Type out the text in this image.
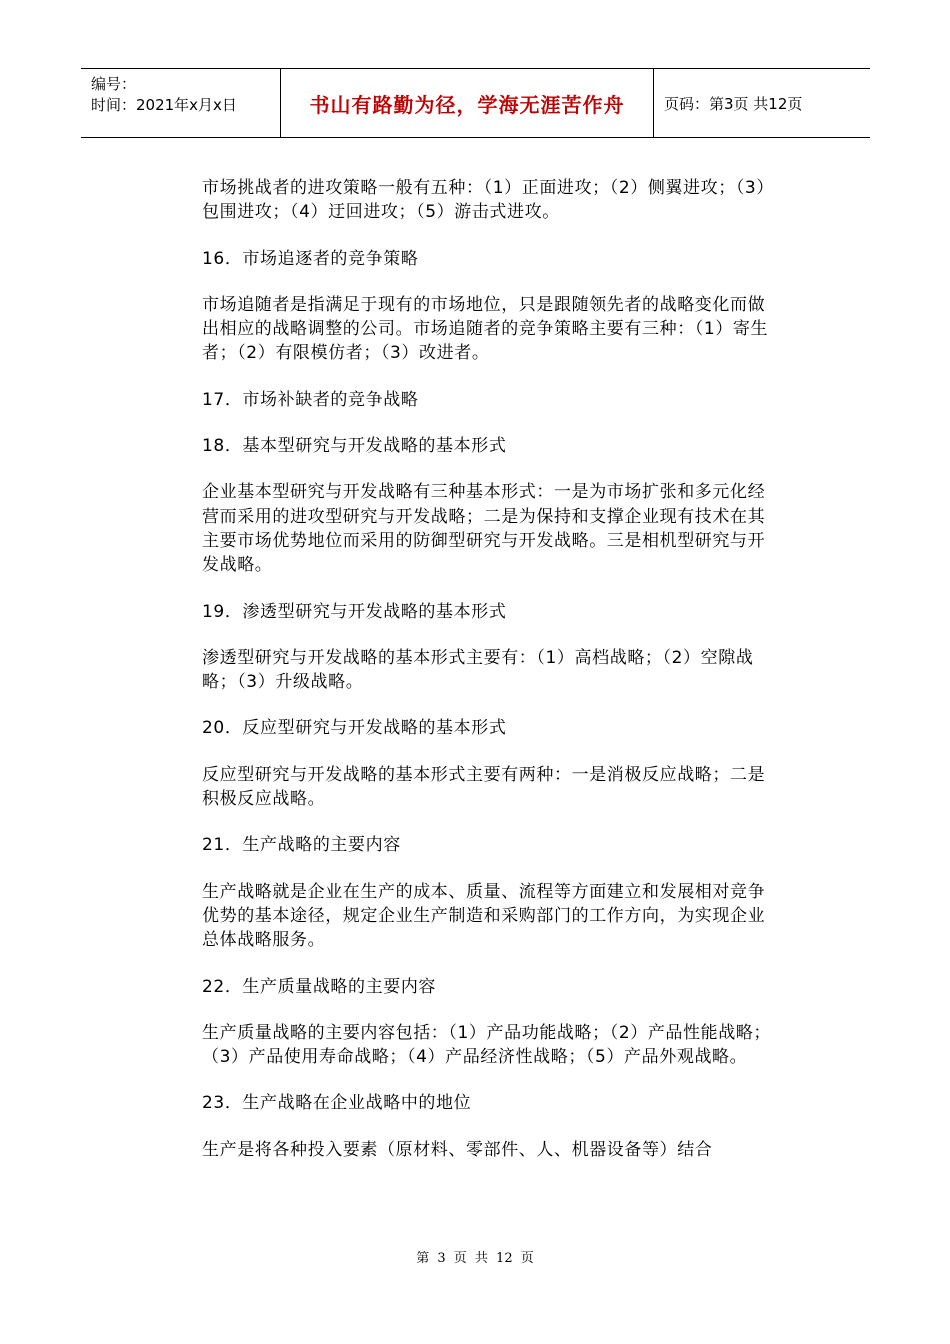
编号：
时间：2021年x月x日	书山有路勤为径，学海无涯苦作舟	页码：第3页 共12页

市场挑战者的进攻策略一般有五种：（1）正面进攻；（2）侧翼进攻；（3）包围进攻；（4）迂回进攻；（5）游击式进攻。

16．市场追逐者的竞争策略

市场追随者是指满足于现有的市场地位，只是跟随领先者的战略变化而做出相应的战略调整的公司。市场追随者的竞争策略主要有三种：（1）寄生者；（2）有限模仿者；（3）改进者。

17．市场补缺者的竞争战略

18．基本型研究与开发战略的基本形式

企业基本型研究与开发战略有三种基本形式：一是为市场扩张和多元化经营而采用的进攻型研究与开发战略；二是为保持和支撑企业现有技术在其主要市场优势地位而采用的防御型研究与开发战略。三是相机型研究与开发战略。

19．渗透型研究与开发战略的基本形式

渗透型研究与开发战略的基本形式主要有：（1）高档战略；（2）空隙战略；（3）升级战略。

20．反应型研究与开发战略的基本形式

反应型研究与开发战略的基本形式主要有两种：一是消极反应战略；二是积极反应战略。

21．生产战略的主要内容

生产战略就是企业在生产的成本、质量、流程等方面建立和发展相对竞争优势的基本途径，规定企业生产制造和采购部门的工作方向，为实现企业总体战略服务。

22．生产质量战略的主要内容

生产质量战略的主要内容包括：（1）产品功能战略；（2）产品性能战略；（3）产品使用寿命战略；（4）产品经济性战略；（5）产品外观战略。

23．生产战略在企业战略中的地位

生产是将各种投入要素（原材料、零部件、人、机器设备等）结合

第 3 页 共 12 页
